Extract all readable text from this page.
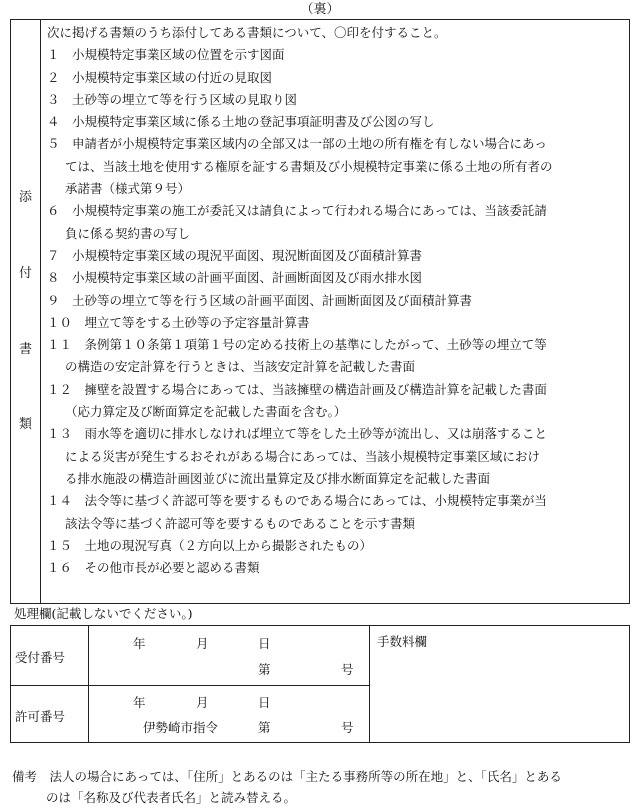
（裏）
添
付
書
類
次に掲げる書類のうち添付してある書類について、〇印を付すること。
１　小規模特定事業区域の位置を示す図面
２　小規模特定事業区域の付近の見取図
３　土砂等の埋立て等を行う区域の見取り図
４　小規模特定事業区域に係る土地の登記事項証明書及び公図の写し
５　申請者が小規模特定事業区域内の全部又は一部の土地の所有権を有しない場合にあっ
ては、当該土地を使用する権原を証する書類及び小規模特定事業に係る土地の所有者の
承諾書（様式第９号）
６　小規模特定事業の施工が委託又は請負によって行われる場合にあっては、当該委託請
負に係る契約書の写し
７　小規模特定事業区域の現況平面図、現況断面図及び面積計算書
８　小規模特定事業区域の計画平面図、計画断面図及び雨水排水図
９　土砂等の埋立て等を行う区域の計画平面図、計画断面図及び面積計算書
１０　埋立て等をする土砂等の予定容量計算書
１１　条例第１０条第１項第１号の定める技術上の基準にしたがって、土砂等の埋立て等
の構造の安定計算を行うときは、当該安定計算を記載した書面
１２　擁壁を設置する場合にあっては、当該擁壁の構造計画及び構造計算を記載した書面
（応力算定及び断面算定を記載した書面を含む。）
１３　雨水等を適切に排水しなければ埋立て等をした土砂等が流出し、又は崩落すること
による災害が発生するおそれがある場合にあっては、当該小規模特定事業区域におけ
る排水施設の構造計画図並びに流出量算定及び排水断面算定を記載した書面
１４　法令等に基づく許認可等を要するものである場合にあっては、小規模特定事業が当
該法令等に基づく許認可等を要するものであることを示す書類
１５　土地の現況写真（２方向以上から撮影されたもの）
１６　その他市長が必要と認める書類
処理欄(記載しないでください。)
受付番号
年	月	日
第	号
許可番号
年	月	日
伊勢崎市指令	第	号
手数料欄
備考　法人の場合にあっては、「住所」とあるのは「主たる事務所等の所在地」と、「氏名」とある
のは「名称及び代表者氏名」と読み替える。
